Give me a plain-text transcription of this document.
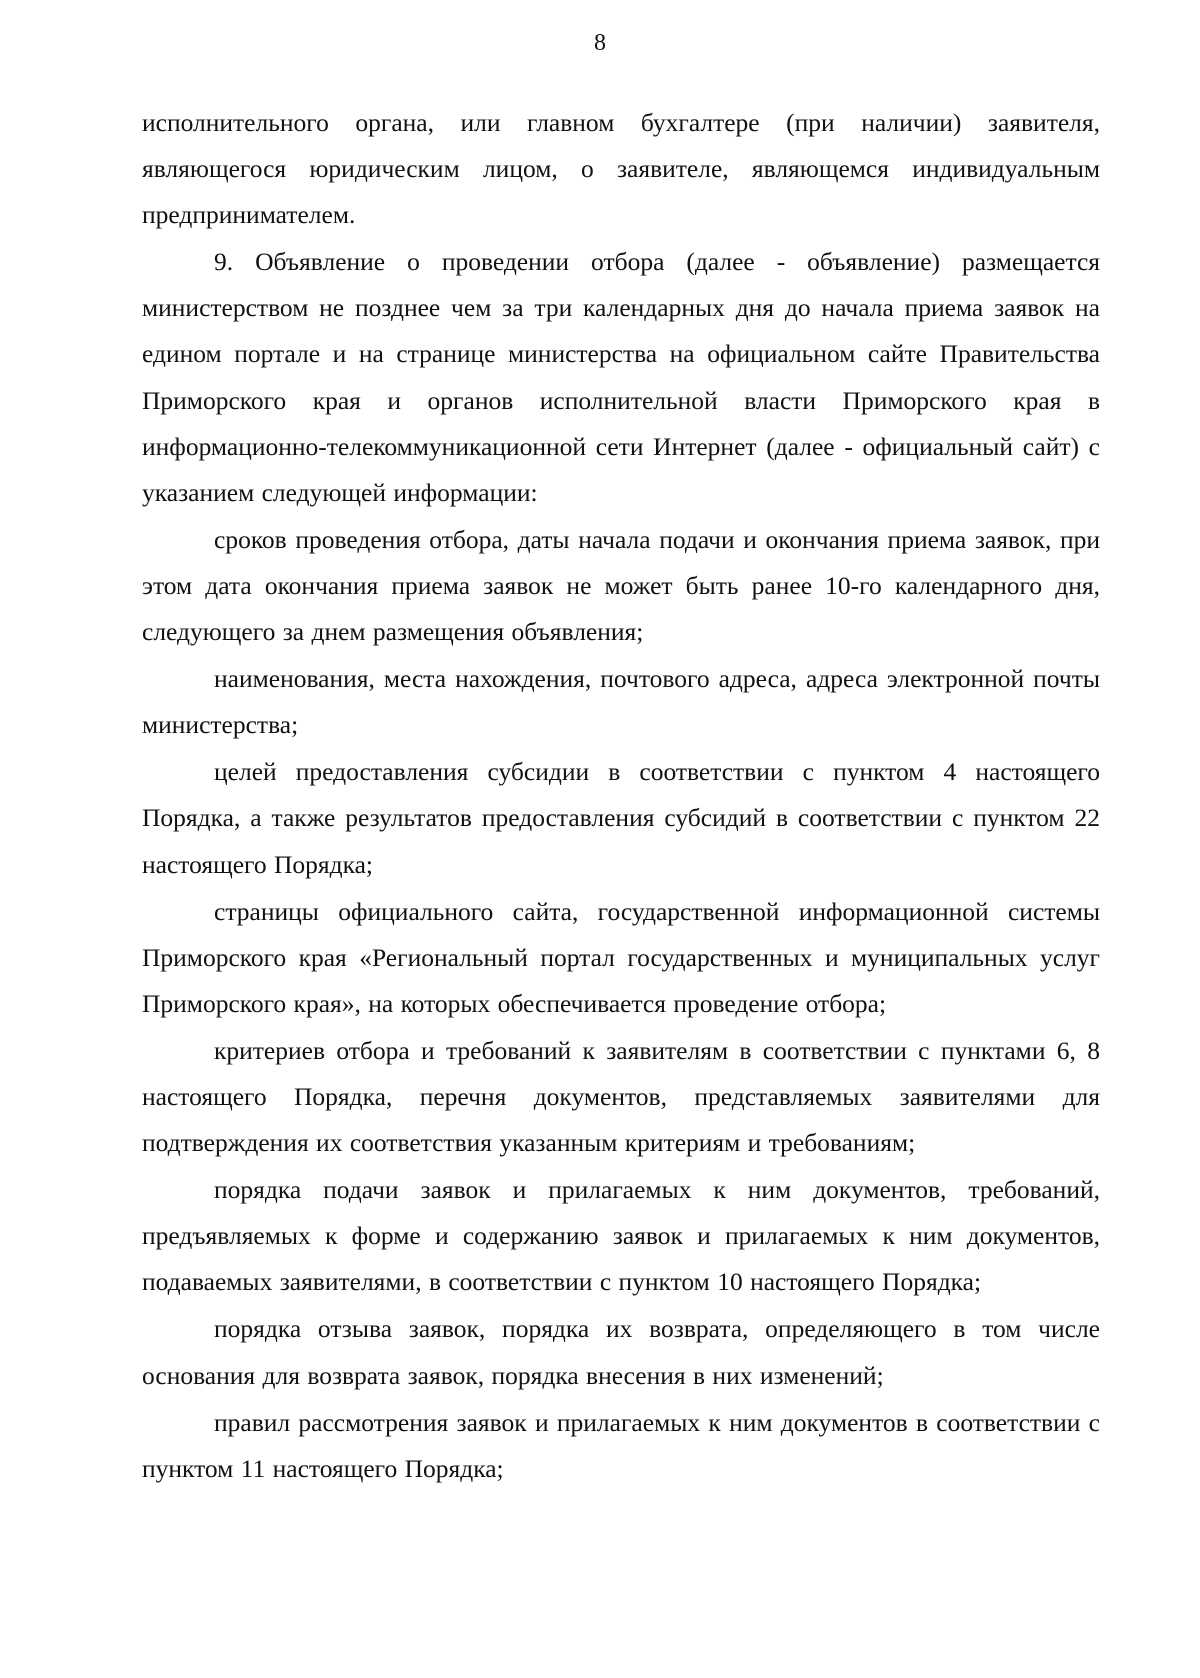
8

исполнительного органа, или главном бухгалтере (при наличии) заявителя, являющегося юридическим лицом, о заявителе, являющемся индивидуальным предпринимателем.

9. Объявление о проведении отбора (далее - объявление) размещается министерством не позднее чем за три календарных дня до начала приема заявок на едином портале и на странице министерства на официальном сайте Правительства Приморского края и органов исполнительной власти Приморского края в информационно-телекоммуникационной сети Интернет (далее - официальный сайт) с указанием следующей информации:

сроков проведения отбора, даты начала подачи и окончания приема заявок, при этом дата окончания приема заявок не может быть ранее 10-го календарного дня, следующего за днем размещения объявления;

наименования, места нахождения, почтового адреса, адреса электронной почты министерства;

целей предоставления субсидии в соответствии с пунктом 4 настоящего Порядка, а также результатов предоставления субсидий в соответствии с пунктом 22 настоящего Порядка;

страницы официального сайта, государственной информационной системы Приморского края «Региональный портал государственных и муниципальных услуг Приморского края», на которых обеспечивается проведение отбора;

критериев отбора и требований к заявителям в соответствии с пунктами 6, 8 настоящего Порядка, перечня документов, представляемых заявителями для подтверждения их соответствия указанным критериям и требованиям;

порядка подачи заявок и прилагаемых к ним документов, требований, предъявляемых к форме и содержанию заявок и прилагаемых к ним документов, подаваемых заявителями, в соответствии с пунктом 10 настоящего Порядка;

порядка отзыва заявок, порядка их возврата, определяющего в том числе основания для возврата заявок, порядка внесения в них изменений;

правил рассмотрения заявок и прилагаемых к ним документов в соответствии с пунктом 11 настоящего Порядка;
